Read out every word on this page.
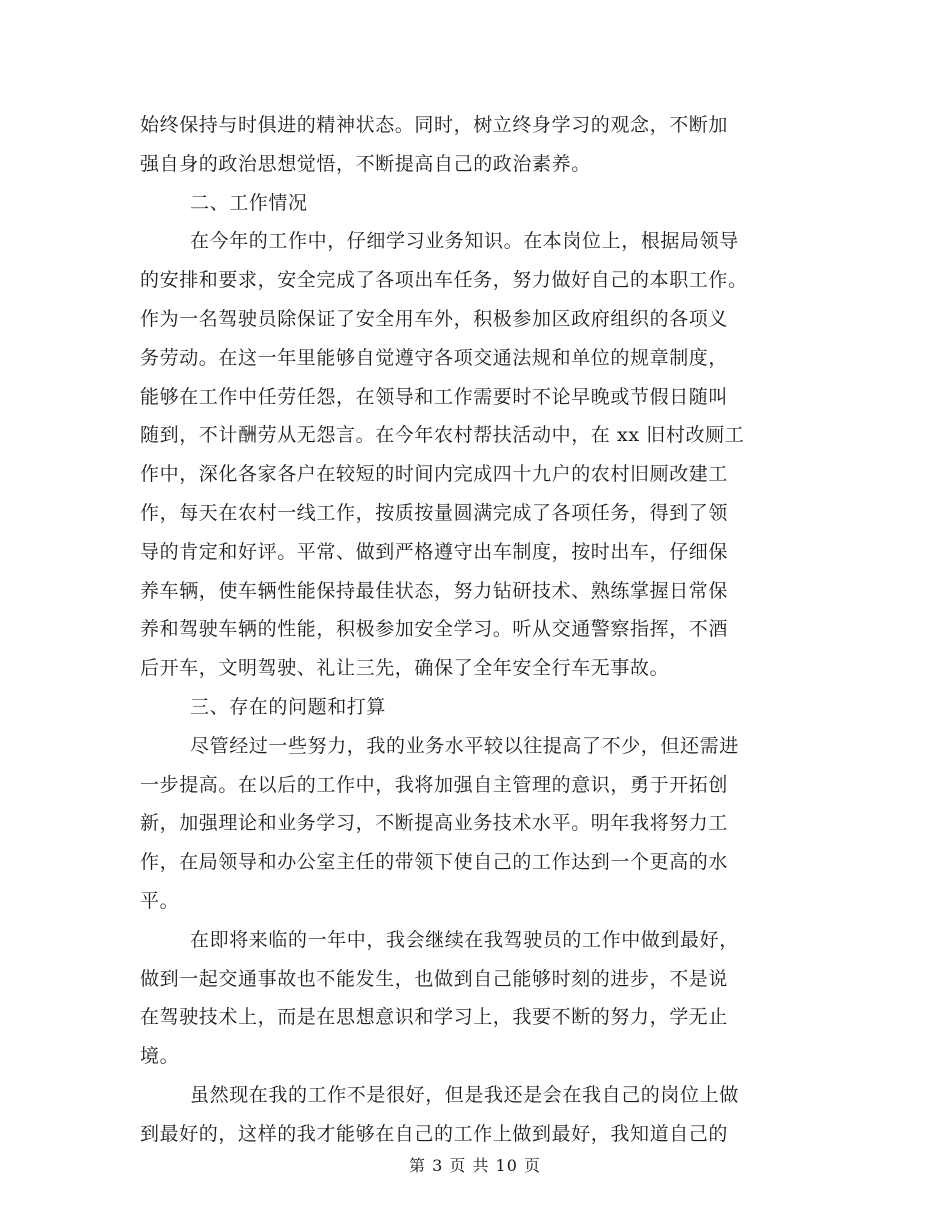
始终保持与时俱进的精神状态。同时，树立终身学习的观念，不断加
强自身的政治思想觉悟，不断提高自己的政治素养。
二、工作情况
在今年的工作中，仔细学习业务知识。在本岗位上，根据局领导
的安排和要求，安全完成了各项出车任务，努力做好自己的本职工作。
作为一名驾驶员除保证了安全用车外，积极参加区政府组织的各项义
务劳动。在这一年里能够自觉遵守各项交通法规和单位的规章制度，
能够在工作中任劳任怨，在领导和工作需要时不论早晚或节假日随叫
随到，不计酬劳从无怨言。在今年农村帮扶活动中，在 xx 旧村改厕工
作中，深化各家各户在较短的时间内完成四十九户的农村旧厕改建工
作，每天在农村一线工作，按质按量圆满完成了各项任务，得到了领
导的肯定和好评。平常、做到严格遵守出车制度，按时出车，仔细保
养车辆，使车辆性能保持最佳状态，努力钻研技术、熟练掌握日常保
养和驾驶车辆的性能，积极参加安全学习。听从交通警察指挥，不酒
后开车，文明驾驶、礼让三先，确保了全年安全行车无事故。
三、存在的问题和打算
尽管经过一些努力，我的业务水平较以往提高了不少，但还需进
一步提高。在以后的工作中，我将加强自主管理的意识，勇于开拓创
新，加强理论和业务学习，不断提高业务技术水平。明年我将努力工
作，在局领导和办公室主任的带领下使自己的工作达到一个更高的水
平。
在即将来临的一年中，我会继续在我驾驶员的工作中做到最好，
做到一起交通事故也不能发生，也做到自己能够时刻的进步，不是说
在驾驶技术上，而是在思想意识和学习上，我要不断的努力，学无止
境。
虽然现在我的工作不是很好，但是我还是会在我自己的岗位上做
到最好的，这样的我才能够在自己的工作上做到最好，我知道自己的
第 3 页 共 10 页
